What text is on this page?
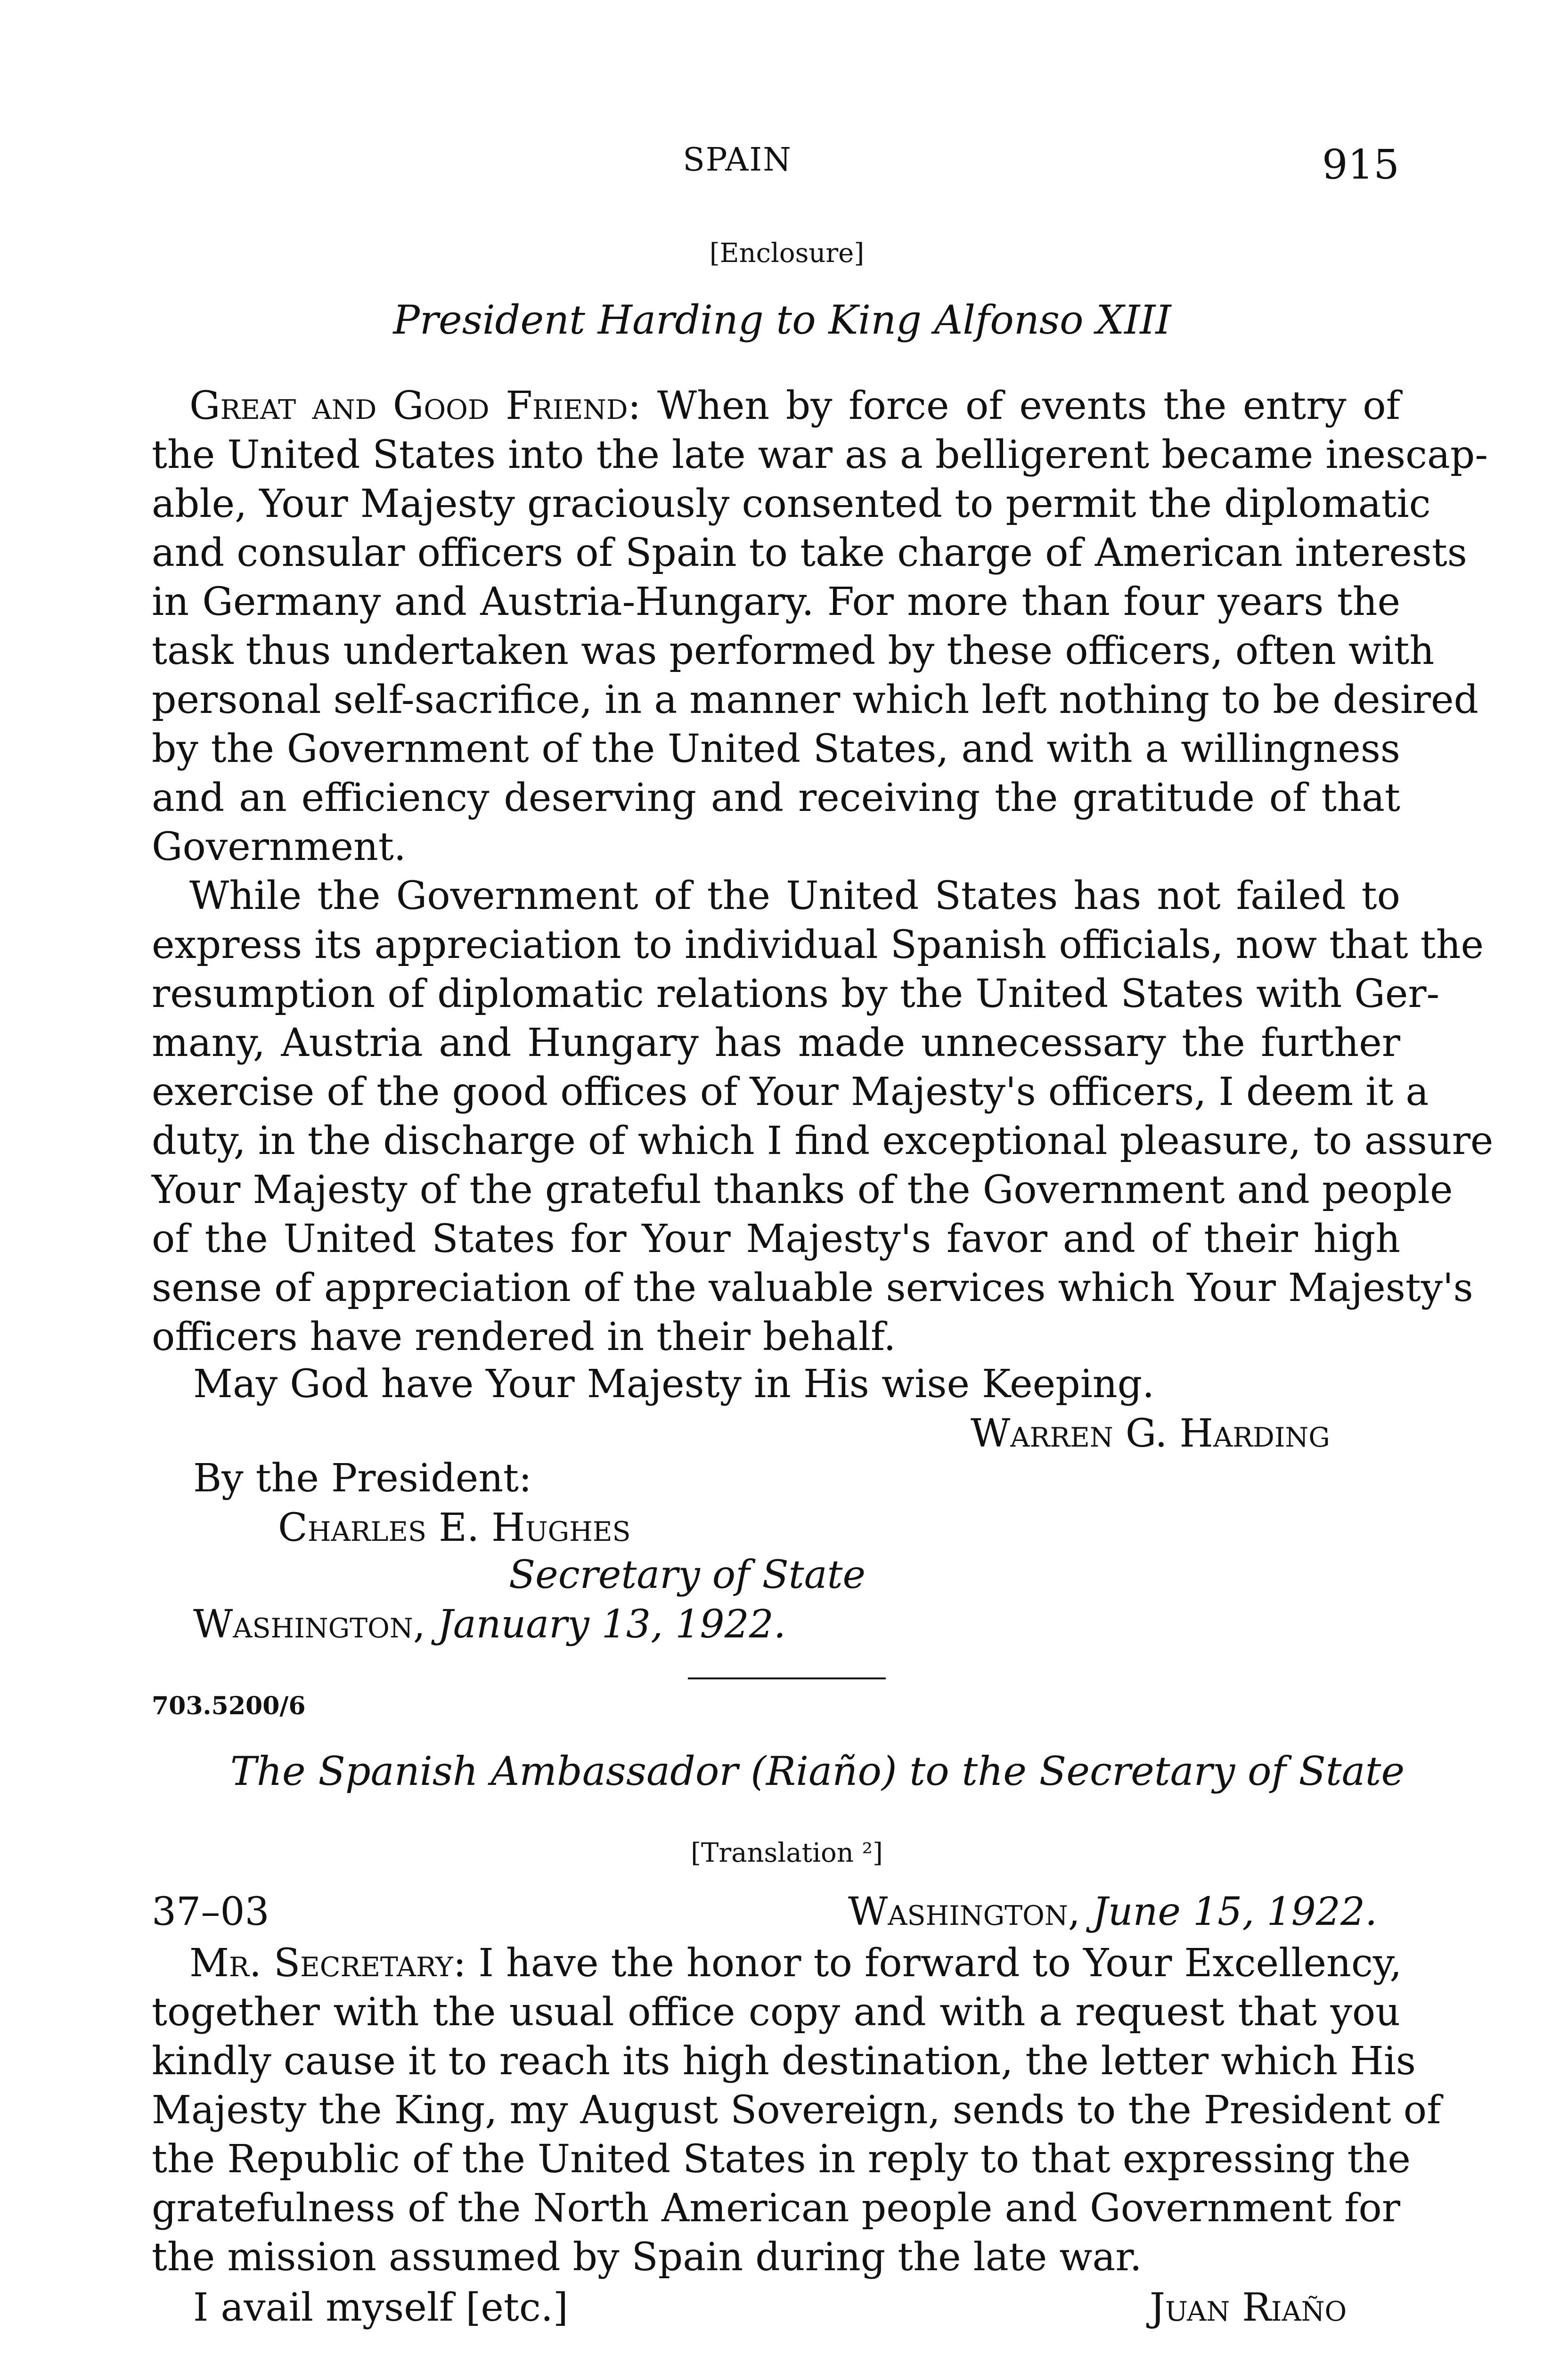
SPAIN	915
[Enclosure]
President Harding to King Alfonso XIII
Great and Good Friend: When by force of events the entry of
the United States into the late war as a belligerent became inescap-
able, Your Majesty graciously consented to permit the diplomatic
and consular officers of Spain to take charge of American interests
in Germany and Austria-Hungary. For more than four years the
task thus undertaken was performed by these officers, often with
personal self-sacrifice, in a manner which left nothing to be desired
by the Government of the United States, and with a willingness
and an efficiency deserving and receiving the gratitude of that
Government.
While the Government of the United States has not failed to
express its appreciation to individual Spanish officials, now that the
resumption of diplomatic relations by the United States with Ger-
many, Austria and Hungary has made unnecessary the further
exercise of the good offices of Your Majesty's officers, I deem it a
duty, in the discharge of which I find exceptional pleasure, to assure
Your Majesty of the grateful thanks of the Government and people
of the United States for Your Majesty's favor and of their high
sense of appreciation of the valuable services which Your Majesty's
officers have rendered in their behalf.
May God have Your Majesty in His wise Keeping.
Warren G. Harding
By the President:
Charles E. Hughes
Secretary of State
Washington, January 13, 1922.
703.5200/6
The Spanish Ambassador (Riaño) to the Secretary of State
[Translation ²]
37–03	Washington, June 15, 1922.
Mr. Secretary: I have the honor to forward to Your Excellency,
together with the usual office copy and with a request that you
kindly cause it to reach its high destination, the letter which His
Majesty the King, my August Sovereign, sends to the President of
the Republic of the United States in reply to that expressing the
gratefulness of the North American people and Government for
the mission assumed by Spain during the late war.
I avail myself [etc.]	Juan Riaño
